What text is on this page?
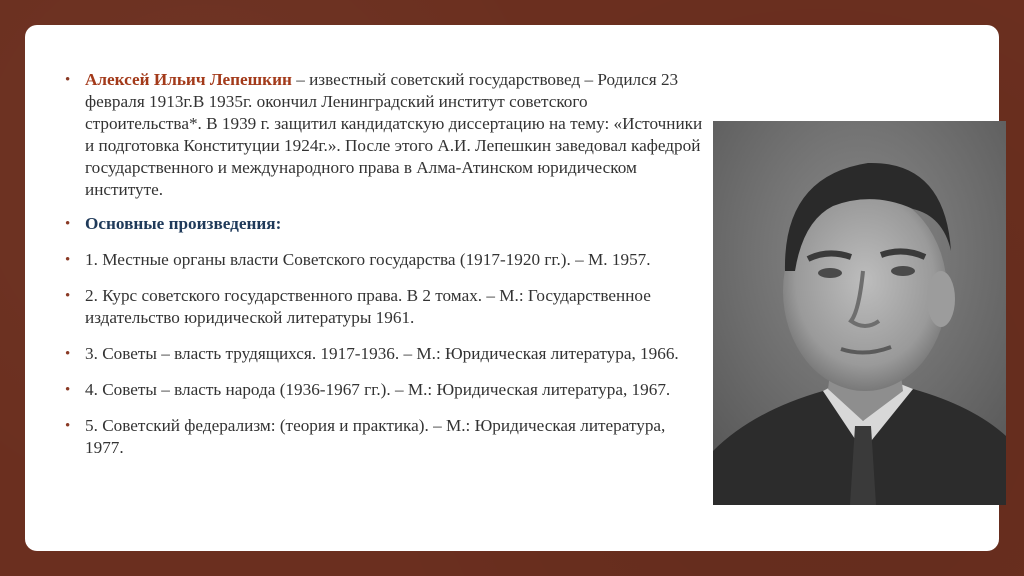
• Алексей Ильич Лепешкин – известный советский государствовед – Родился 23 февраля 1913г.В 1935г. окончил Ленинградский институт советского строительства*. В 1939 г. защитил кандидатскую диссертацию на тему: «Источники и подготовка Конституции 1924г.». После этого А.И. Лепешкин заведовал кафедрой государственного и международного права в Алма-Атинском юридическом институте.
• Основные произведения:
• 1. Местные органы власти Советского государства (1917-1920 гг.). – М. 1957.
• 2. Курс советского государственного права. В 2 томах. – М.: Государственное издательство юридической литературы 1961.
• 3. Советы – власть трудящихся. 1917-1936. – М.: Юридическая литература, 1966.
• 4. Советы – власть народа (1936-1967 гг.). – М.: Юридическая литература, 1967.
• 5. Советский федерализм: (теория и практика). – М.: Юридическая литература, 1977.
